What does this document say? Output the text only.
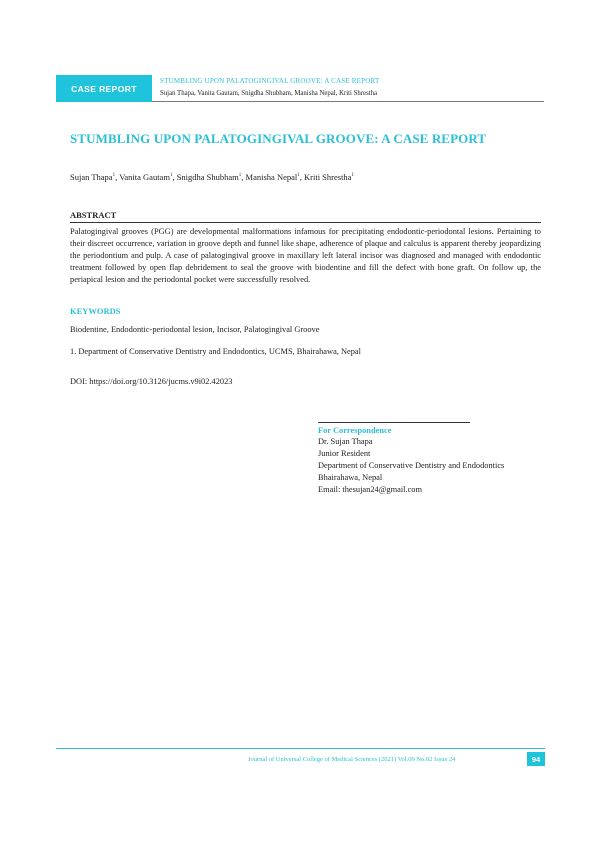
CASE REPORT
STUMBLING UPON PALATOGINGIVAL GROOVE: A CASE REPORT
Sujan Thapa, Vanita Gautam, Snigdha Shubham, Manisha Nepal, Kriti Shrestha
STUMBLING UPON PALATOGINGIVAL GROOVE: A CASE REPORT
Sujan Thapa$^1$, Vanita Gautam$^1$, Snigdha Shubham$^1$, Manisha Nepal$^1$, Kriti Shrestha$^1$
ABSTRACT
Palatogingival grooves (PGG) are developmental malformations infamous for precipitating endodontic-periodontal lesions. Pertaining to their discreet occurrence, variation in groove depth and funnel like shape, adherence of plaque and calculus is apparent thereby jeopardizing the periodontium and pulp. A case of palatogingival groove in maxillary left lateral incisor was diagnosed and managed with endodontic treatment followed by open flap debridement to seal the groove with biodentine and fill the defect with bone graft. On follow up, the periapical lesion and the periodontal pocket were successfully resolved.
KEYWORDS
Biodentine, Endodontic-periodontal lesion, Incisor, Palatogingival Groove
1. Department of Conservative Dentistry and Endodontics, UCMS, Bhairahawa, Nepal
DOI: https://doi.org/10.3126/jucms.v9i02.42023
For Correspondence
Dr. Sujan Thapa
Junior Resident
Department of Conservative Dentistry and Endodontics
Bhairahawa, Nepal
Email: thesujan24@gmail.com
Journal of Universal College of Medical Sciences (2021) Vol.09 No.02 Issue 24	94
